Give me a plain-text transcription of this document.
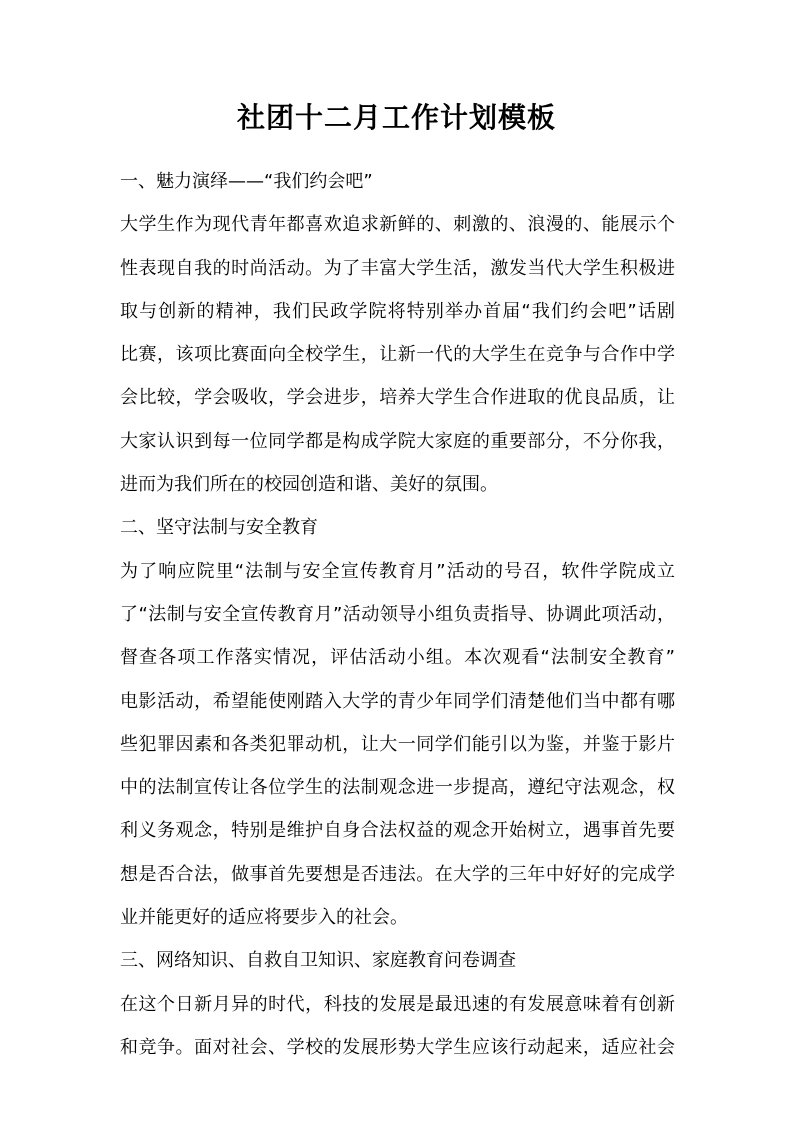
社团十二月工作计划模板
一、魅力演绎——“我们约会吧”
大学生作为现代青年都喜欢追求新鲜的、刺激的、浪漫的、能展示个
性表现自我的时尚活动。为了丰富大学生活，激发当代大学生积极进
取与创新的精神，我们民政学院将特别举办首届“我们约会吧”话剧
比赛，该项比赛面向全校学生，让新一代的大学生在竞争与合作中学
会比较，学会吸收，学会进步，培养大学生合作进取的优良品质，让
大家认识到每一位同学都是构成学院大家庭的重要部分，不分你我，
进而为我们所在的校园创造和谐、美好的氛围。
二、坚守法制与安全教育
为了响应院里“法制与安全宣传教育月”活动的号召，软件学院成立
了“法制与安全宣传教育月”活动领导小组负责指导、协调此项活动，
督查各项工作落实情况，评估活动小组。本次观看“法制安全教育”
电影活动，希望能使刚踏入大学的青少年同学们清楚他们当中都有哪
些犯罪因素和各类犯罪动机，让大一同学们能引以为鉴，并鉴于影片
中的法制宣传让各位学生的法制观念进一步提高，遵纪守法观念，权
利义务观念，特别是维护自身合法权益的观念开始树立，遇事首先要
想是否合法，做事首先要想是否违法。在大学的三年中好好的完成学
业并能更好的适应将要步入的社会。
三、网络知识、自救自卫知识、家庭教育问卷调查
在这个日新月异的时代，科技的发展是最迅速的有发展意味着有创新
和竞争。面对社会、学校的发展形势大学生应该行动起来，适应社会
